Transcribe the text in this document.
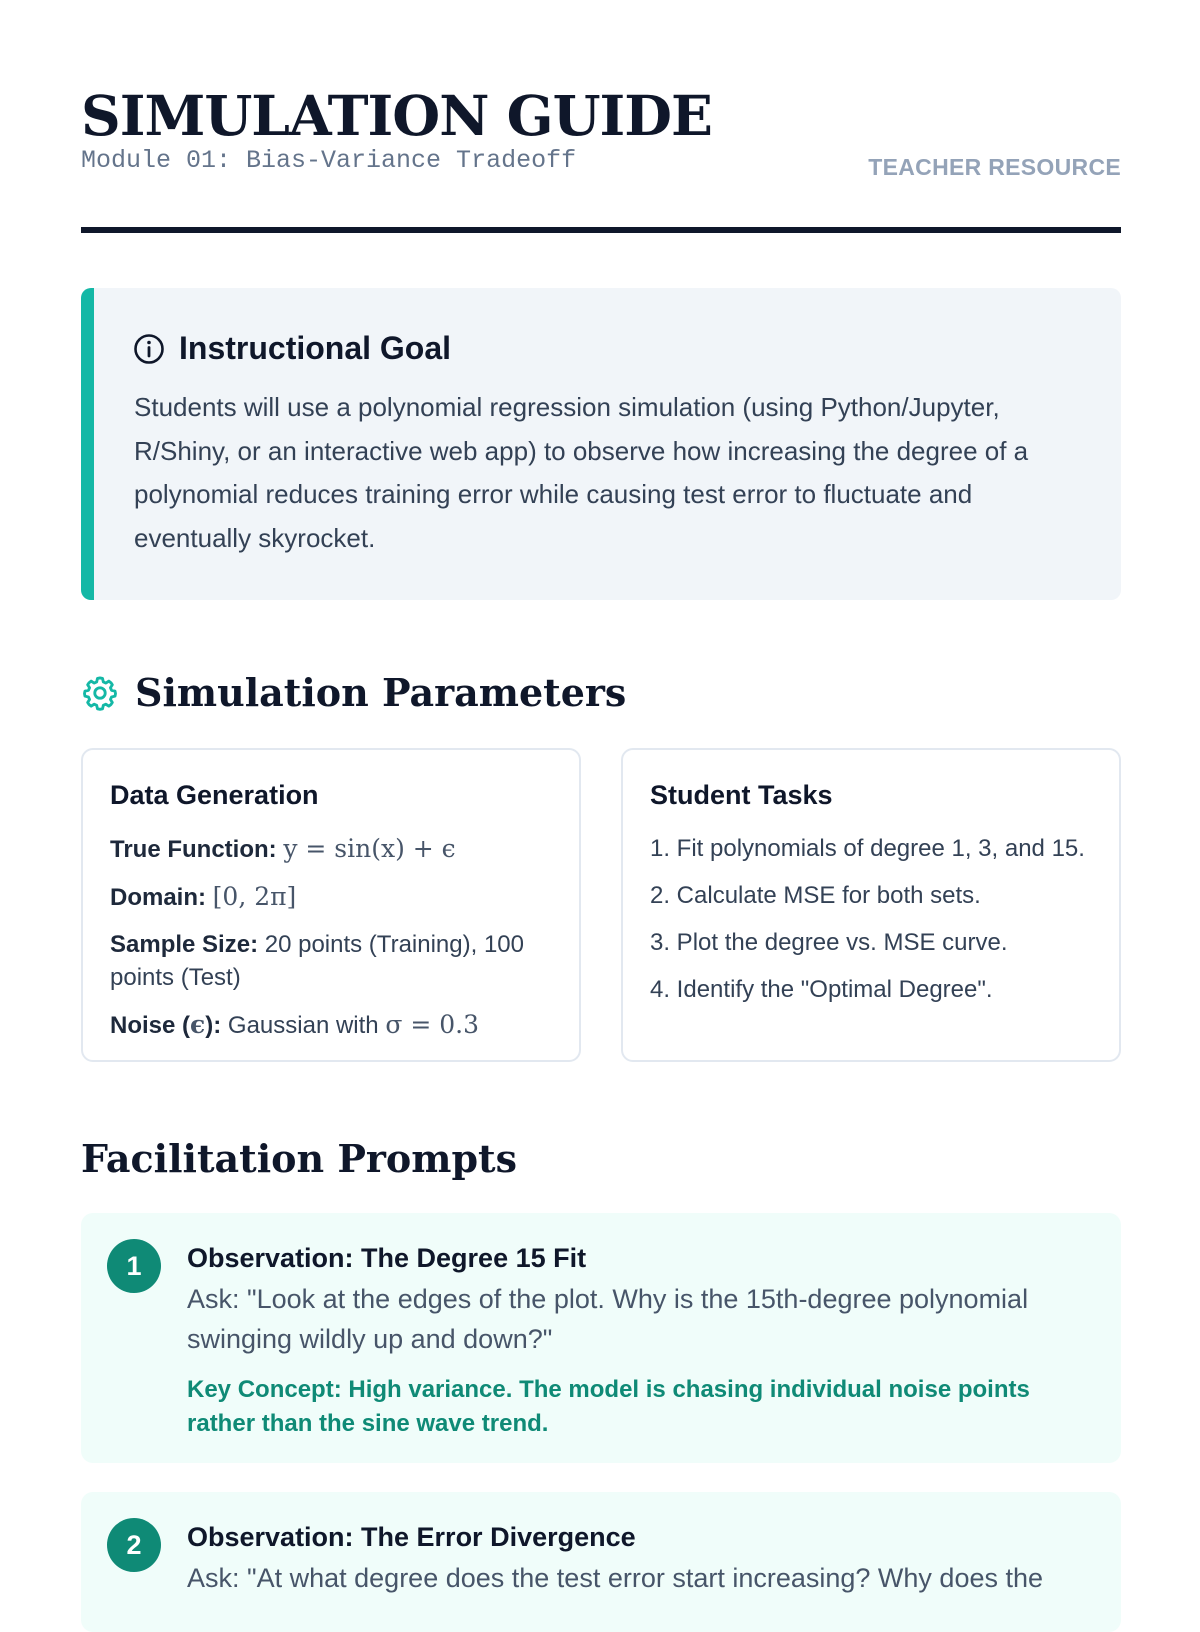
SIMULATION GUIDE
Module 01: Bias-Variance Tradeoff	TEACHER RESOURCE
Instructional Goal
Students will use a polynomial regression simulation (using Python/Jupyter, R/Shiny, or an interactive web app) to observe how increasing the degree of a polynomial reduces training error while causing test error to fluctuate and eventually skyrocket.
Simulation Parameters
Data Generation
True Function: y = sin(x) + ϵ
Domain: [0, 2π]
Sample Size: 20 points (Training), 100 points (Test)
Noise (ϵ): Gaussian with σ = 0.3
Student Tasks
1. Fit polynomials of degree 1, 3, and 15.
2. Calculate MSE for both sets.
3. Plot the degree vs. MSE curve.
4. Identify the "Optimal Degree".
Facilitation Prompts
1	Observation: The Degree 15 Fit
Ask: "Look at the edges of the plot. Why is the 15th-degree polynomial swinging wildly up and down?"
Key Concept: High variance. The model is chasing individual noise points rather than the sine wave trend.
2	Observation: The Error Divergence
Ask: "At what degree does the test error start increasing? Why does the
